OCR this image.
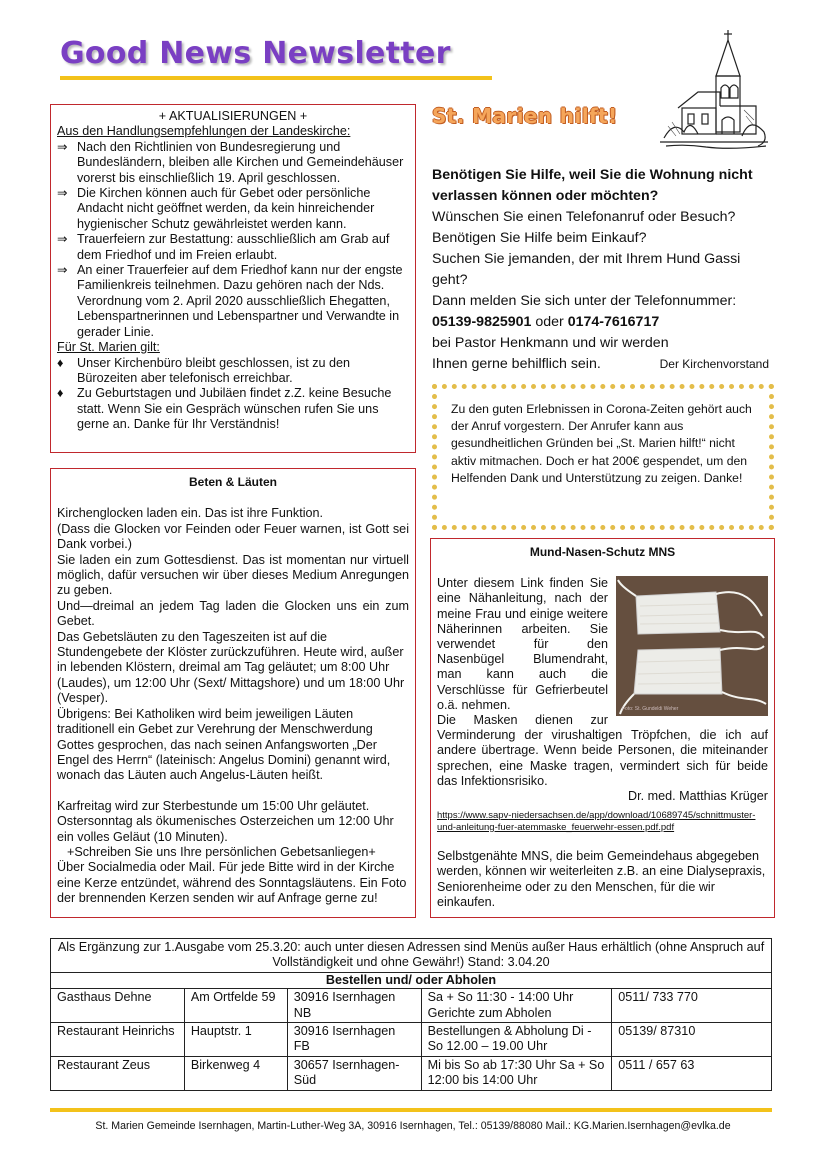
Good News Newsletter
+ AKTUALISIERUNGEN +
Aus den Handlungsempfehlungen der Landeskirche:
⇒ Nach den Richtlinien von Bundesregierung und Bundesländern, bleiben alle Kirchen und Gemeindehäuser vorerst bis einschließlich 19. April geschlossen.
⇒ Die Kirchen können auch für Gebet oder persönliche Andacht nicht geöffnet werden, da kein hinreichender hygienischer Schutz gewährleistet werden kann.
⇒ Trauerfeiern zur Bestattung: ausschließlich am Grab auf dem Friedhof und im Freien erlaubt.
⇒ An einer Trauerfeier auf dem Friedhof kann nur der engste Familienkreis teilnehmen. Dazu gehören nach der Nds. Verordnung vom 2. April 2020 ausschließlich Ehegatten, Lebenspartnerinnen und Lebenspartner und Verwandte in gerader Linie.
Für St. Marien gilt:
♦	Unser Kirchenbüro bleibt geschlossen, ist zu den Bürozeiten aber telefonisch erreichbar.
♦	Zu Geburtstagen und Jubiläen findet z.Z. keine Besuche statt. Wenn Sie ein Gespräch wünschen rufen Sie uns gerne an. Danke für Ihr Verständnis!
Beten & Läuten

Kirchenglocken laden ein. Das ist ihre Funktion.

(Dass die Glocken vor Feinden oder Feuer warnen, ist Gott sei Dank vorbei.)

Sie laden ein zum Gottesdienst. Das ist momentan nur virtuell möglich, dafür versuchen wir über dieses Medium Anregungen zu geben.

Und—dreimal an jedem Tag laden die Glocken uns ein zum Gebet.

Das Gebetsläuten zu den Tageszeiten ist auf die Stundengebete der Klöster zurückzuführen. Heute wird, außer in lebenden Klöstern, dreimal am Tag geläutet; um 8:00 Uhr (Laudes), um 12:00 Uhr (Sext/ Mittagshore) und um 18:00 Uhr (Vesper).

Übrigens: Bei Katholiken wird beim jeweiligen Läuten traditionell ein Gebet zur Verehrung der Menschwerdung Gottes gesprochen, das nach seinen Anfangsworten „Der Engel des Herrn“ (lateinisch: Angelus Domini) genannt wird, wonach das Läuten auch Angelus-Läuten heißt.

Karfreitag wird zur Sterbestunde um 15:00 Uhr geläutet.

Ostersonntag als ökumenisches Osterzeichen um 12:00 Uhr ein volles Geläut (10 Minuten).

+Schreiben Sie uns Ihre persönlichen Gebetsanliegen+

Über Socialmedia oder Mail. Für jede Bitte wird in der Kirche eine Kerze entzündet, während des Sonntagsläutens. Ein Foto der brennenden Kerzen senden wir auf Anfrage gerne zu!

St. Marien hilft!
Benötigen Sie Hilfe, weil Sie die Wohnung nicht verlassen können oder möchten?
Wünschen Sie einen Telefonanruf oder Besuch?
Benötigen Sie Hilfe beim Einkauf?
Suchen Sie jemanden, der mit Ihrem Hund Gassi geht?
Dann melden Sie sich unter der Telefonnummer:
05139-9825901 oder 0174-7616717
bei Pastor Henkmann und wir werden
Ihnen gerne behilflich sein.	Der Kirchenvorstand
Zu den guten Erlebnissen in Corona-Zeiten gehört auch der Anruf vorgestern. Der Anrufer kann aus gesundheitlichen Gründen bei „St. Marien hilft!“ nicht aktiv mitmachen. Doch er hat 200€ gespendet, um den Helfenden Dank und Unterstützung zu zeigen. Danke!
Mund-Nasen-Schutz MNS
Foto: St. Gundeldi Weher
Unter diesem Link finden Sie eine Nähanleitung, nach der meine Frau und einige weitere Näherinnen arbeiten. Sie verwendet für den Nasenbügel Blumendraht, man kann auch die Verschlüsse für Gefrierbeutel o.ä. nehmen.
Die Masken dienen zur Verminderung der virushaltigen Tröpfchen, die ich auf andere übertrage. Wenn beide Personen, die miteinander sprechen, eine Maske tragen, vermindert sich für beide das Infektionsrisiko.
Dr. med. Matthias Krüger
https://www.sapv-niedersachsen.de/app/download/10689745/schnittmuster-und-anleitung-fuer-atemmaske_feuerwehr-essen.pdf.pdf
Selbstgenähte MNS, die beim Gemeindehaus abgegeben werden, können wir weiterleiten z.B. an eine Dialysepraxis, Seniorenheime oder zu den Menschen, für die wir einkaufen.
Als Ergänzung zur 1.Ausgabe vom 25.3.20: auch unter diesen Adressen sind Menüs außer Haus erhältlich (ohne Anspruch auf Vollständigkeit und ohne Gewähr!) Stand: 3.04.20				
Bestellen und/ oder Abholen				
Gasthaus Dehne	Am Ortfelde 59	30916 Isernhagen NB	Sa + So 11:30 - 14:00 Uhr Gerichte zum Abholen	0511/ 733 770
Restaurant Heinrichs	Hauptstr. 1	30916 Isernhagen FB	Bestellungen & Abholung Di - So 12.00 – 19.00 Uhr	05139/ 87310
Restaurant Zeus	Birkenweg 4	30657 Isernhagen-Süd	Mi bis So ab 17:30 Uhr Sa + So 12:00 bis 14:00 Uhr	0511 / 657 63
St. Marien Gemeinde Isernhagen, Martin-Luther-Weg 3A, 30916 Isernhagen, Tel.: 05139/88080 Mail.: KG.Marien.Isernhagen@evlka.de
